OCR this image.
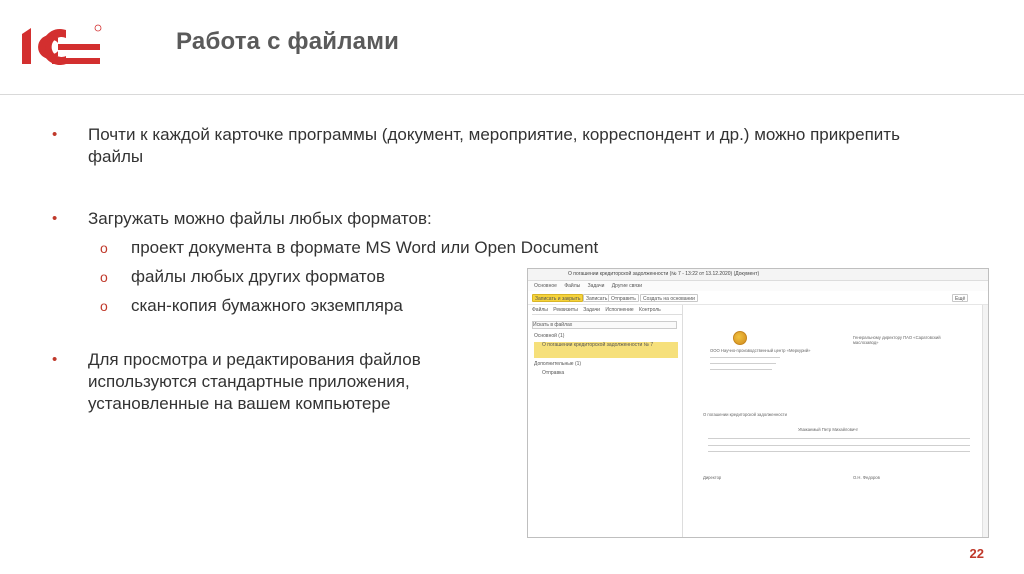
Работа с файлами
• Почти к каждой карточке программы (документ, мероприятие, корреспондент и др.) можно прикрепить файлы
• Загружать можно файлы любых форматов:
o проект документа в формате MS Word или Open Document
o файлы любых других форматов
o скан-копия бумажного экземпляра
• Для просмотра и редактирования файлов используются стандартные приложения, установленные на вашем компьютере
О погашении кредиторской задолженности (№ 7 - 13:22 от 13.12.2020) (Документ)
Основное Файлы Задачи Другие связи
Записать и закрыть	Записать Отправить	Создать на основании	Ещё
Файлы Реквизиты Задачи Исполнение Контроль
Искать в файлах
Основной (1)
О погашении кредиторской задолженности № 7
Дополнительные (1)
Отправка
ООО Научно-производственный центр «Меркурий»
Генеральному директору ПАО «Саратовский маслозавод»
О погашении кредиторской задолженности
Уважаемый Петр Михайлович!
Директор	О.Н. Федоров
22
